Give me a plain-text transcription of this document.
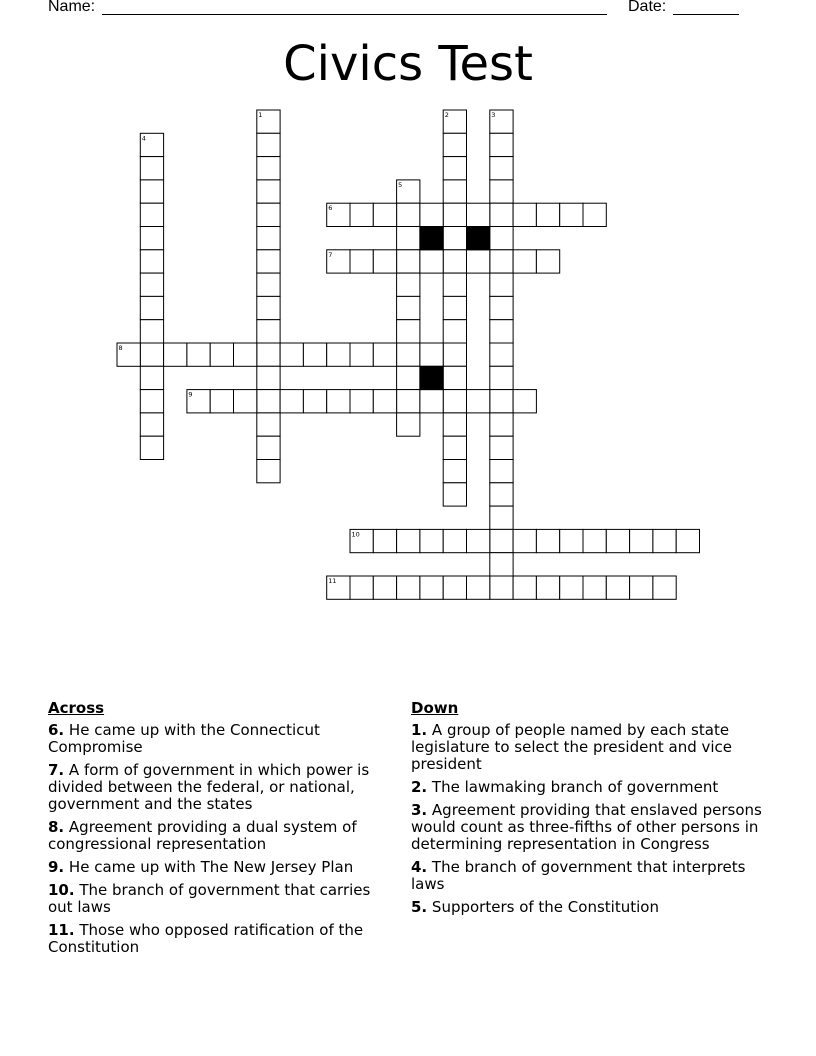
Name:	Date:
Civics Test
1	2	3
4
5
6
7
8
9
10
11
Across
6. He came up with the Connecticut Compromise
7. A form of government in which power is divided between the federal, or national, government and the states
8. Agreement providing a dual system of congressional representation
9. He came up with The New Jersey Plan
10. The branch of government that carries out laws
11. Those who opposed ratification of the Constitution
Down
1. A group of people named by each state legislature to select the president and vice president
2. The lawmaking branch of government
3. Agreement providing that enslaved persons would count as three-fifths of other persons in determining representation in Congress
4. The branch of government that interprets laws
5. Supporters of the Constitution
